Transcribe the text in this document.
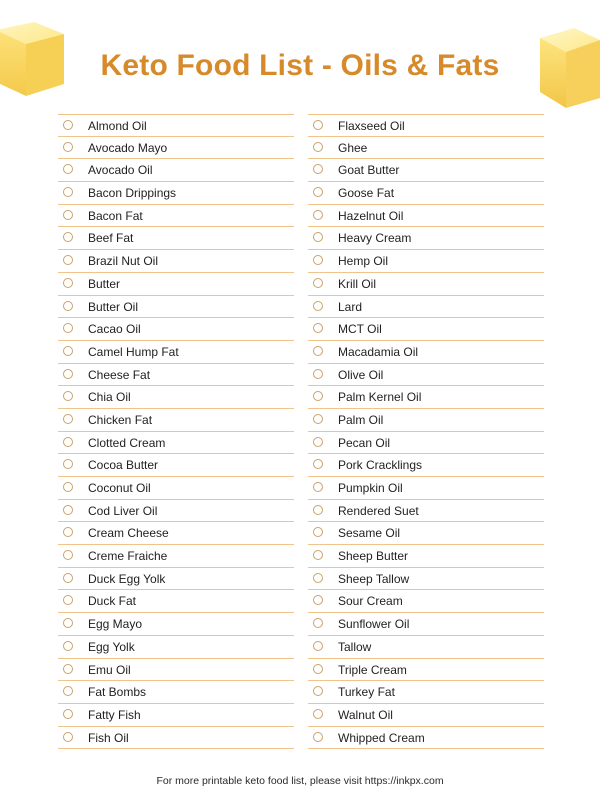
Keto Food List - Oils & Fats
Almond Oil
Avocado Mayo
Avocado Oil
Bacon Drippings
Bacon Fat
Beef Fat
Brazil Nut Oil
Butter
Butter Oil
Cacao Oil
Camel Hump Fat
Cheese Fat
Chia Oil
Chicken Fat
Clotted Cream
Cocoa Butter
Coconut Oil
Cod Liver Oil
Cream Cheese
Creme Fraiche
Duck Egg Yolk
Duck Fat
Egg Mayo
Egg Yolk
Emu Oil
Fat Bombs
Fatty Fish
Fish Oil
Flaxseed Oil
Ghee
Goat Butter
Goose Fat
Hazelnut Oil
Heavy Cream
Hemp Oil
Krill Oil
Lard
MCT Oil
Macadamia Oil
Olive Oil
Palm Kernel Oil
Palm Oil
Pecan Oil
Pork Cracklings
Pumpkin Oil
Rendered Suet
Sesame Oil
Sheep Butter
Sheep Tallow
Sour Cream
Sunflower Oil
Tallow
Triple Cream
Turkey Fat
Walnut Oil
Whipped Cream
For more printable keto food list, please visit https://inkpx.com
